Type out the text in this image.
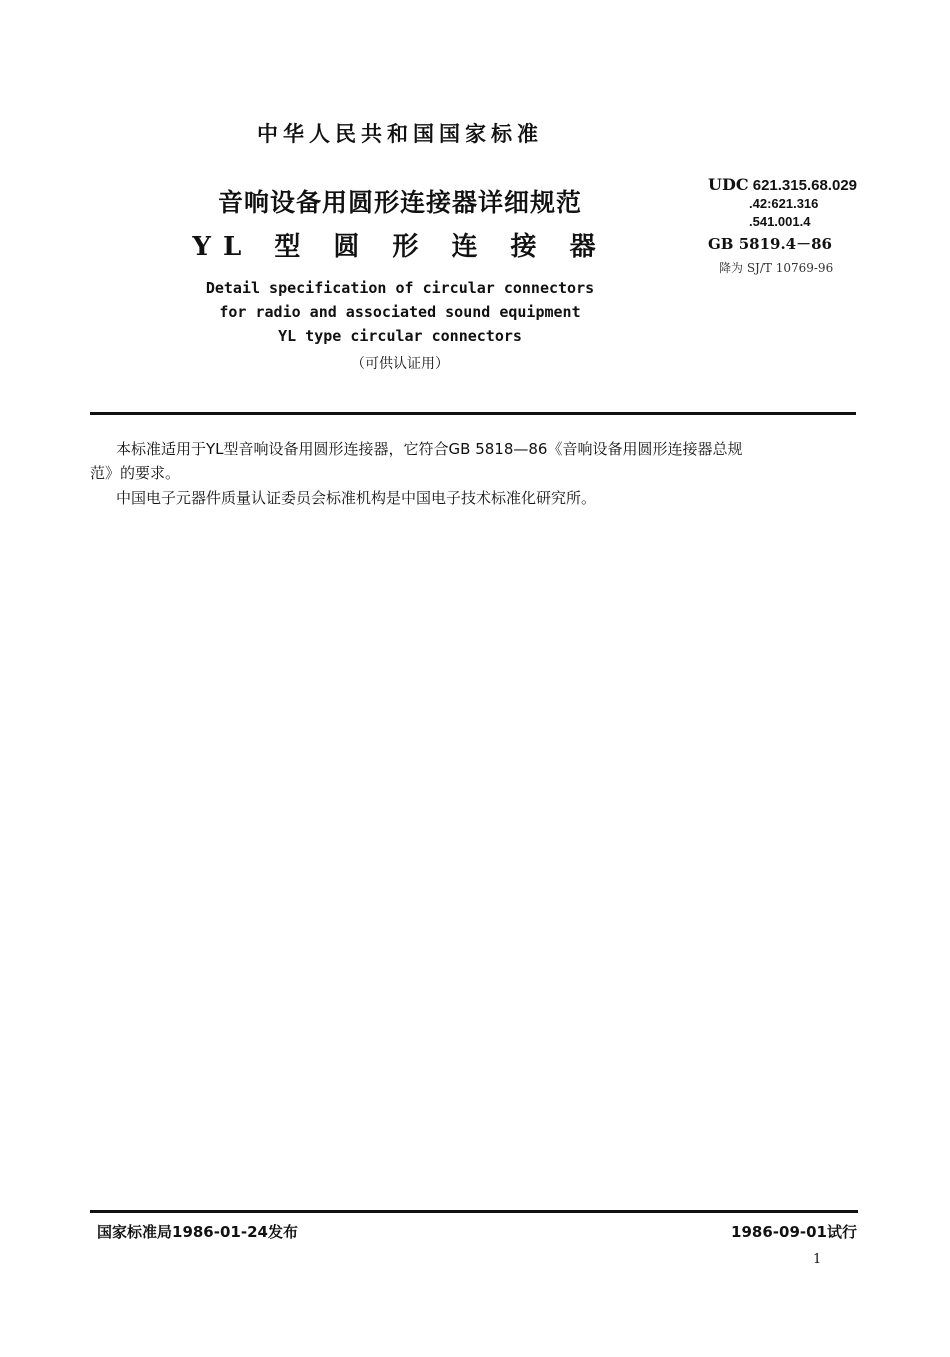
中华人民共和国国家标准
音响设备用圆形连接器详细规范
YL 型 圆 形 连 接 器
Detail specification of circular connectors
for radio and associated sound equipment
YL type circular connectors
（可供认证用）
UDC 621.315.68.029
.42:621.316
.541.001.4
GB 5819.4－86
降为 SJ/T 10769-96
本标准适用于YL型音响设备用圆形连接器，它符合GB 5818—86《音响设备用圆形连接器总规
范》的要求。
中国电子元器件质量认证委员会标准机构是中国电子技术标准化研究所。
国家标准局1986-01-24发布	1986-09-01试行
1
